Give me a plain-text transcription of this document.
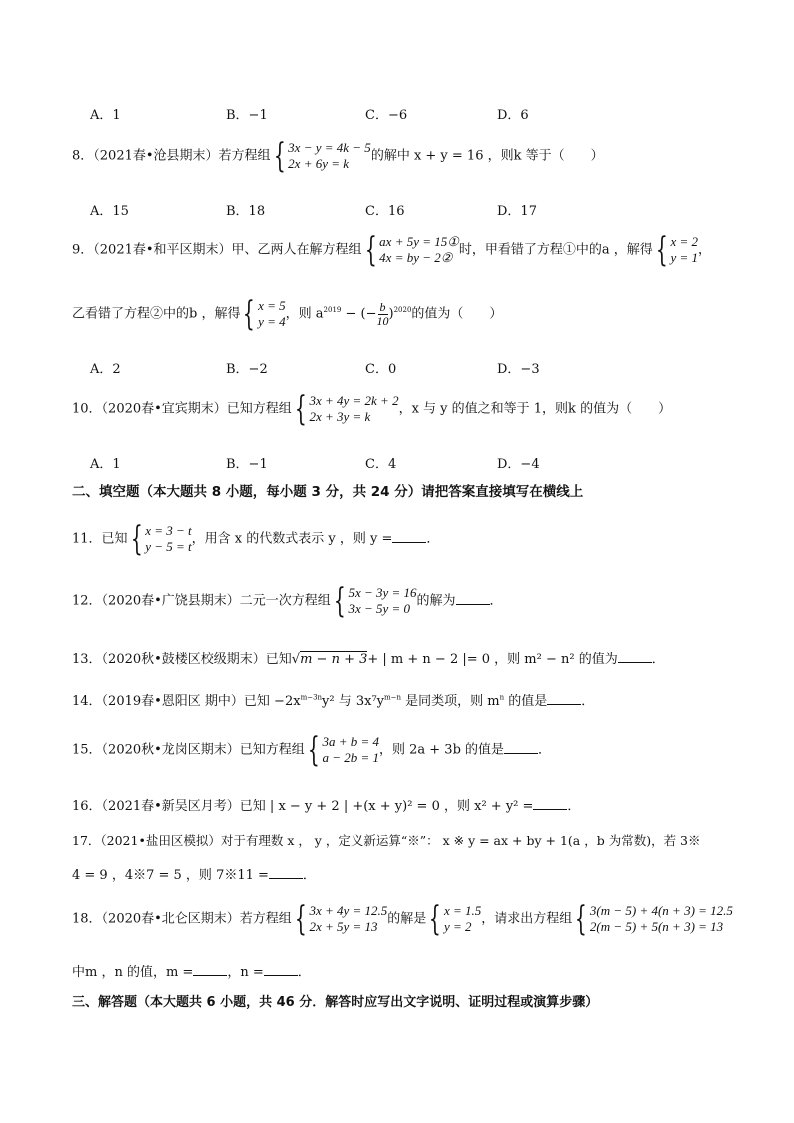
A．1	B．−1	C．−6	D．6
8．（2021春•沧县期末）若方程组 { 3x − y = 4k − 5
2x + 6y = k	的解中 x + y = 16 ，则k 等于（　　）
A．15	B．18	C．16	D．17
9．（2021春•和平区期末）甲、乙两人在解方程组 { ax + 5y = 15①
4x = by − 2② 时，甲看错了方程①中的a ，解得 { x = 2
y = 1 ，
乙看错了方程②中的b ，解得 { x = 5
y = 4 ，则 $a^{2019}$ − (− $\frac{b}{10} )^{2020}$的值为（　　）
A．2	B．−2	C．0	D．−3
10．（2020春•宜宾期末）已知方程组 { 3x + 4y = 2k + 2
2x + 3y = k	，x 与 y 的值之和等于 1，则k 的值为（　　）
A．1	B．−1	C．4	D．−4
二、填空题（本大题共 8 小题，每小题 3 分，共 24 分）请把答案直接填写在横线上
11．已知 { x = 3 − t
y − 5 = t ，用含 x 的代数式表示 y ，则 y =	．
12．（2020春•广饶县期末）二元一次方程组 { 5x − 3y = 16
3x − 5y = 0 的解为	．
13．（2020秋•鼓楼区校级期末）已知√m − n + 3+ | m + n − 2 |= 0 ，则 m² − n² 的值为	．
14．（2019春•恩阳区 期中）已知 $-2x^{m-3n}y^2$ 与 $3x^7y^{m-n}$ 是同类项，则 $m^n$ 的值是	．
15．（2020秋•龙岗区期末）已知方程组 { 3a + b = 4
a − 2b = 1 ，则 2a + 3b 的值是	．
16．（2021春•新吴区月考）已知 | x − y + 2 | +(x + y)² = 0 ，则 x² + y² =	．
17．（2021•盐田区模拟）对于有理数 x ， y ，定义新运算“※”： x ※ y = ax + by + 1(a ，b 为常数)，若 3※
4 = 9 ，4※7 = 5 ，则 7※11 =	．
18．（2020春•北仑区期末）若方程组 { 3x + 4y = 12.5
2x + 5y = 13 的解是 { x = 1.5
y = 2 ，请求出方程组 { 3(m − 5) + 4(n + 3) = 12.5
2(m − 5) + 5(n + 3) = 13
中m ，n 的值，m =	，n =	．
三、解答题（本大题共 6 小题，共 46 分．解答时应写出文字说明、证明过程或演算步骤）
